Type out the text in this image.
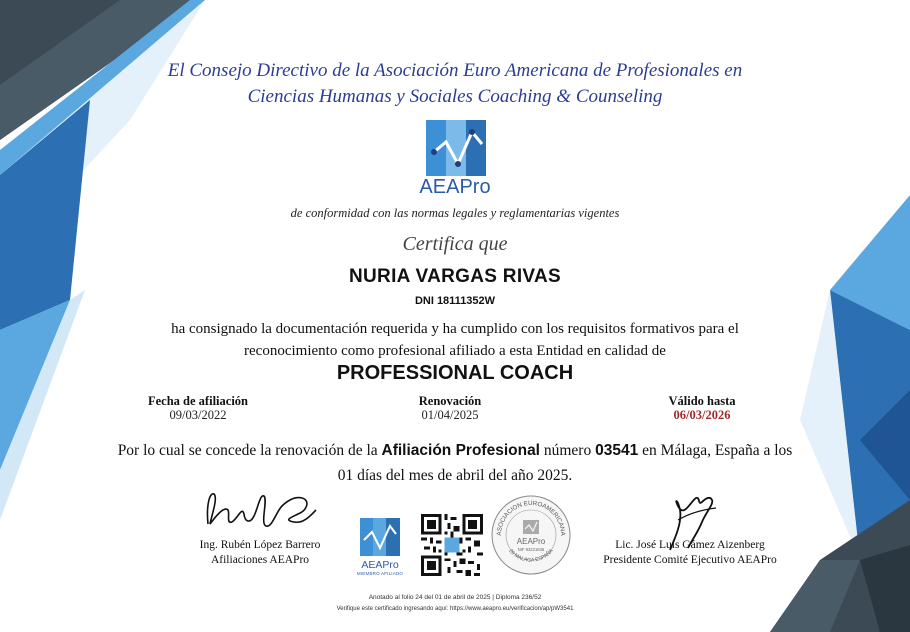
El Consejo Directivo de la Asociación Euro Americana de Profesionales en
Ciencias Humanas y Sociales Coaching & Counseling
AEAPro
de conformidad con las normas legales y reglamentarias vigentes
Certifica que
NURIA VARGAS RIVAS
DNI 18111352W
ha consignado la documentación requerida y ha cumplido con los requisitos formativos para el
reconocimiento como profesional afiliado a esta Entidad en calidad de
PROFESSIONAL COACH
Fecha de afiliación
09/03/2022
Renovación
01/04/2025
Válido hasta
06/03/2026
Por lo cual se concede la renovación de la Afiliación Profesional número 03541 en Málaga, España a los
01 días del mes de abril del año 2025.
Ing. Rubén López Barrero
Afiliaciones AEAPro	AEAPro
MIEMBRO AFILIADO
ASOCIACION EUROAMERICANA
29 MALAGA ESPAÑA
AEAPro
NIF 93221836	Lic. José Luis Gámez Aizenberg
Presidente Comité Ejecutivo AEAPro
Anotado al folio 24 del 01 de abril de 2025 | Diploma 236/52
Verifique este certificado ingresando aquí: https://www.aeapro.eu/verificacion/ap/pW3541
